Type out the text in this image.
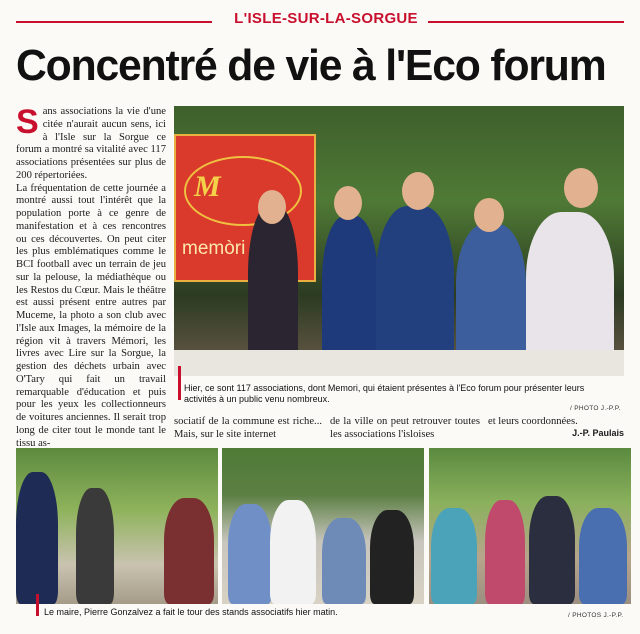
L'ISLE-SUR-LA-SORGUE
Concentré de vie à l'Eco forum

Sans associations la vie d'une citée n'aurait aucun sens, ici à l'Isle sur la Sorgue ce forum a montré sa vitalité avec 117 associations présentées sur plus de 200 répertoriées.

La fréquentation de cette journée a montré aussi tout l'intérêt que la population porte à ce genre de manifestation et à ces rencontres ou ces découvertes. On peut citer les plus emblématiques comme le BCI football avec un terrain de jeu sur la pelouse, la médiathèque ou les Restos du Cœur. Mais le théâtre est aussi présent entre autres par Muceme, la photo a son club avec l'Isle aux Images, la mémoire de la région vit à travers Mémori, les livres avec Lire sur la Sorgue, la gestion des déchets urbain avec O'Tary qui fait un travail remarquable d'éducation et puis pour les yeux les collectionneurs de voitures anciennes. Il serait trop long de citer tout le monde tant le tissu as-

M
memòri
Hier, ce sont 117 associations, dont Memori, qui étaient présentes à l'Eco forum pour présenter leurs activités à un public venu nombreux.
/ PHOTO J.-P.P.
sociatif de la commune est riche... Mais, sur le site internet
de la ville on peut retrouver toutes les associations l'isloises
et leurs coordonnées.
J.-P. Paulais
Le maire, Pierre Gonzalvez a fait le tour des stands associatifs hier matin.	/ PHOTOS J.-P.P.
